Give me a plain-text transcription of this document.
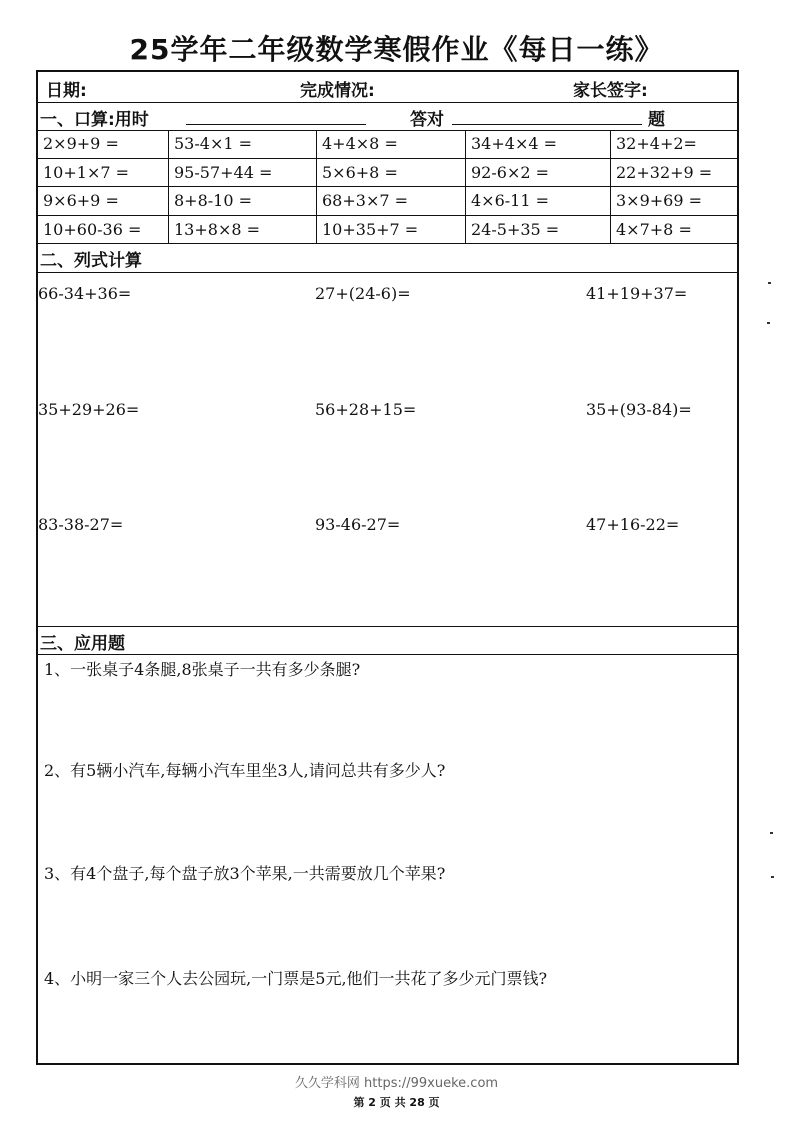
25学年二年级数学寒假作业《每日一练》
日期:	完成情况:	家长签字:
一、口算:用时	答对	题
2×9+9 =	53-4×1 =	4+4×8 =	34+4×4 =	32+4+2=
10+1×7 =	95-57+44 =	5×6+8 =	92-6×2 =	22+32+9 =
9×6+9 =	8+8-10 =	68+3×7 =	4×6-11 =	3×9+69 =
10+60-36 =	13+8×8 =	10+35+7 =	24-5+35 =	4×7+8 =
二、列式计算
66-34+36=	27+(24-6)=	41+19+37=
35+29+26=	56+28+15=	35+(93-84)=
83-38-27=	93-46-27=	47+16-22=
三、应用题
1、一张桌子4条腿,8张桌子一共有多少条腿?
2、有5辆小汽车,每辆小汽车里坐3人,请问总共有多少人?
3、有4个盘子,每个盘子放3个苹果,一共需要放几个苹果?
4、小明一家三个人去公园玩,一门票是5元,他们一共花了多少元门票钱?
久久学科网 https://99xueke.com
第 2 页 共 28 页
